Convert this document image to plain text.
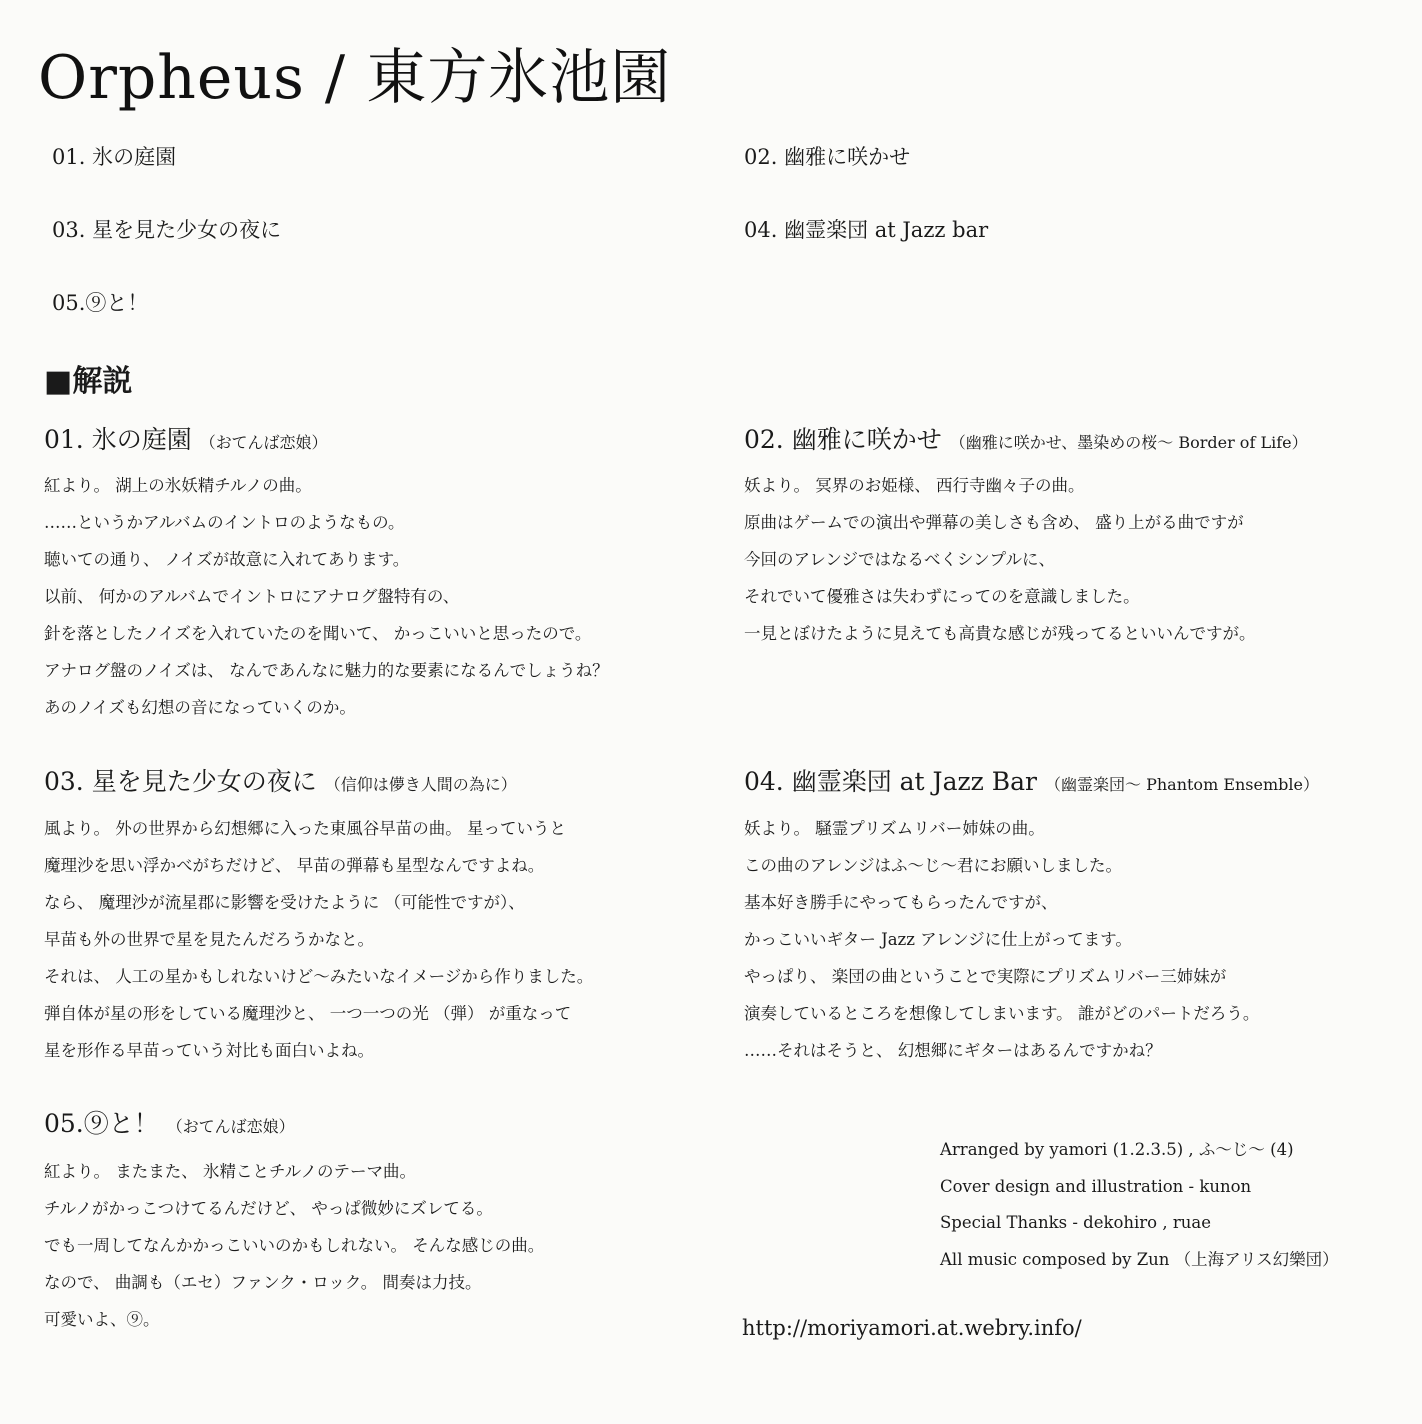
Orpheus / 東方氷池園
01. 氷の庭園	02. 幽雅に咲かせ
03. 星を見た少女の夜に	04. 幽霊楽団 at Jazz bar
05.⑨と！
■解説
01. 氷の庭園 （おてんば恋娘）
紅より。 湖上の氷妖精チルノの曲。
……というかアルバムのイントロのようなもの。
聴いての通り、 ノイズが故意に入れてあります。
以前、 何かのアルバムでイントロにアナログ盤特有の、
針を落としたノイズを入れていたのを聞いて、 かっこいいと思ったので。
アナログ盤のノイズは、 なんであんなに魅力的な要素になるんでしょうね？
あのノイズも幻想の音になっていくのか。
02. 幽雅に咲かせ （幽雅に咲かせ、墨染めの桜～ Border of Life）
妖より。 冥界のお姫様、 西行寺幽々子の曲。
原曲はゲームでの演出や弾幕の美しさも含め、 盛り上がる曲ですが
今回のアレンジではなるべくシンプルに、
それでいて優雅さは失わずにってのを意識しました。
一見とぼけたように見えても高貴な感じが残ってるといいんですが。
03. 星を見た少女の夜に （信仰は儚き人間の為に）
風より。 外の世界から幻想郷に入った東風谷早苗の曲。 星っていうと
魔理沙を思い浮かべがちだけど、 早苗の弾幕も星型なんですよね。
なら、 魔理沙が流星郡に影響を受けたように （可能性ですが）、
早苗も外の世界で星を見たんだろうかなと。
それは、 人工の星かもしれないけど～みたいなイメージから作りました。
弾自体が星の形をしている魔理沙と、 一つ一つの光 （弾） が重なって
星を形作る早苗っていう対比も面白いよね。
04. 幽霊楽団 at Jazz Bar （幽霊楽団～ Phantom Ensemble）
妖より。 騒霊プリズムリバー姉妹の曲。
この曲のアレンジはふ～じ～君にお願いしました。
基本好き勝手にやってもらったんですが、
かっこいいギター Jazz アレンジに仕上がってます。
やっぱり、 楽団の曲ということで実際にプリズムリバー三姉妹が
演奏しているところを想像してしまいます。 誰がどのパートだろう。
……それはそうと、 幻想郷にギターはあるんですかね？
05.⑨と！ （おてんば恋娘）
紅より。 またまた、 氷精ことチルノのテーマ曲。
チルノがかっこつけてるんだけど、 やっぱ微妙にズレてる。
でも一周してなんかかっこいいのかもしれない。 そんな感じの曲。
なので、 曲調も（エセ）ファンク・ロック。 間奏は力技。
可愛いよ、⑨。
Arranged by yamori (1.2.3.5) , ふ～じ～ (4)
Cover design and illustration - kunon
Special Thanks - dekohiro , ruae
All music composed by Zun （上海アリス幻樂団）
http://moriyamori.at.webry.info/
